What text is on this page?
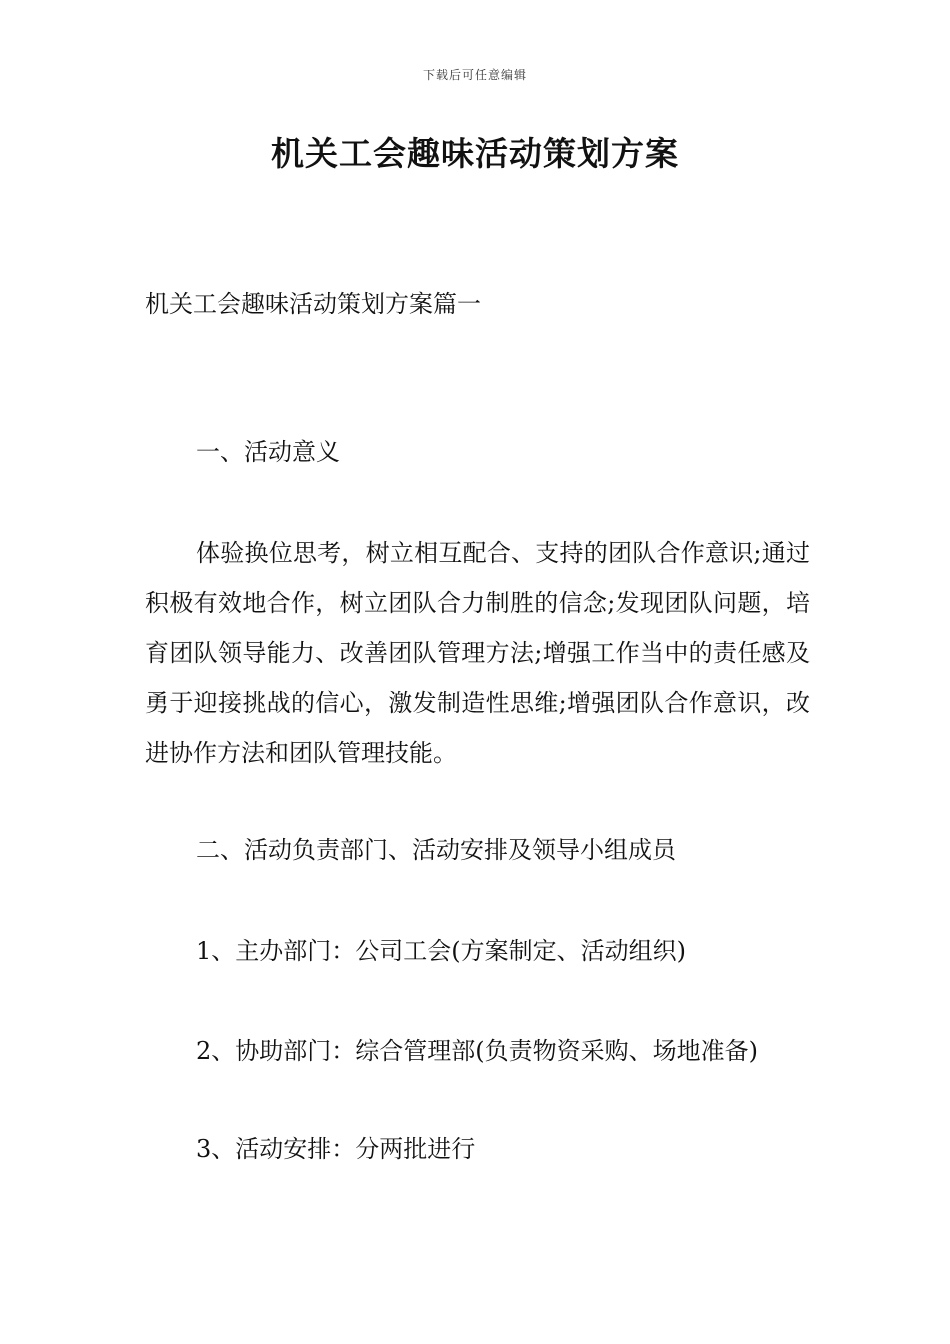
下载后可任意编辑
机关工会趣味活动策划方案
机关工会趣味活动策划方案篇一
一、活动意义

体验换位思考，树立相互配合、支持的团队合作意识;通过积极有效地合作，树立团队合力制胜的信念;发现团队问题，培育团队领导能力、改善团队管理方法;增强工作当中的责任感及勇于迎接挑战的信心，激发制造性思维;增强团队合作意识，改进协作方法和团队管理技能。

二、活动负责部门、活动安排及领导小组成员
1、主办部门：公司工会(方案制定、活动组织)
2、协助部门：综合管理部(负责物资采购、场地准备)
3、活动安排：分两批进行
